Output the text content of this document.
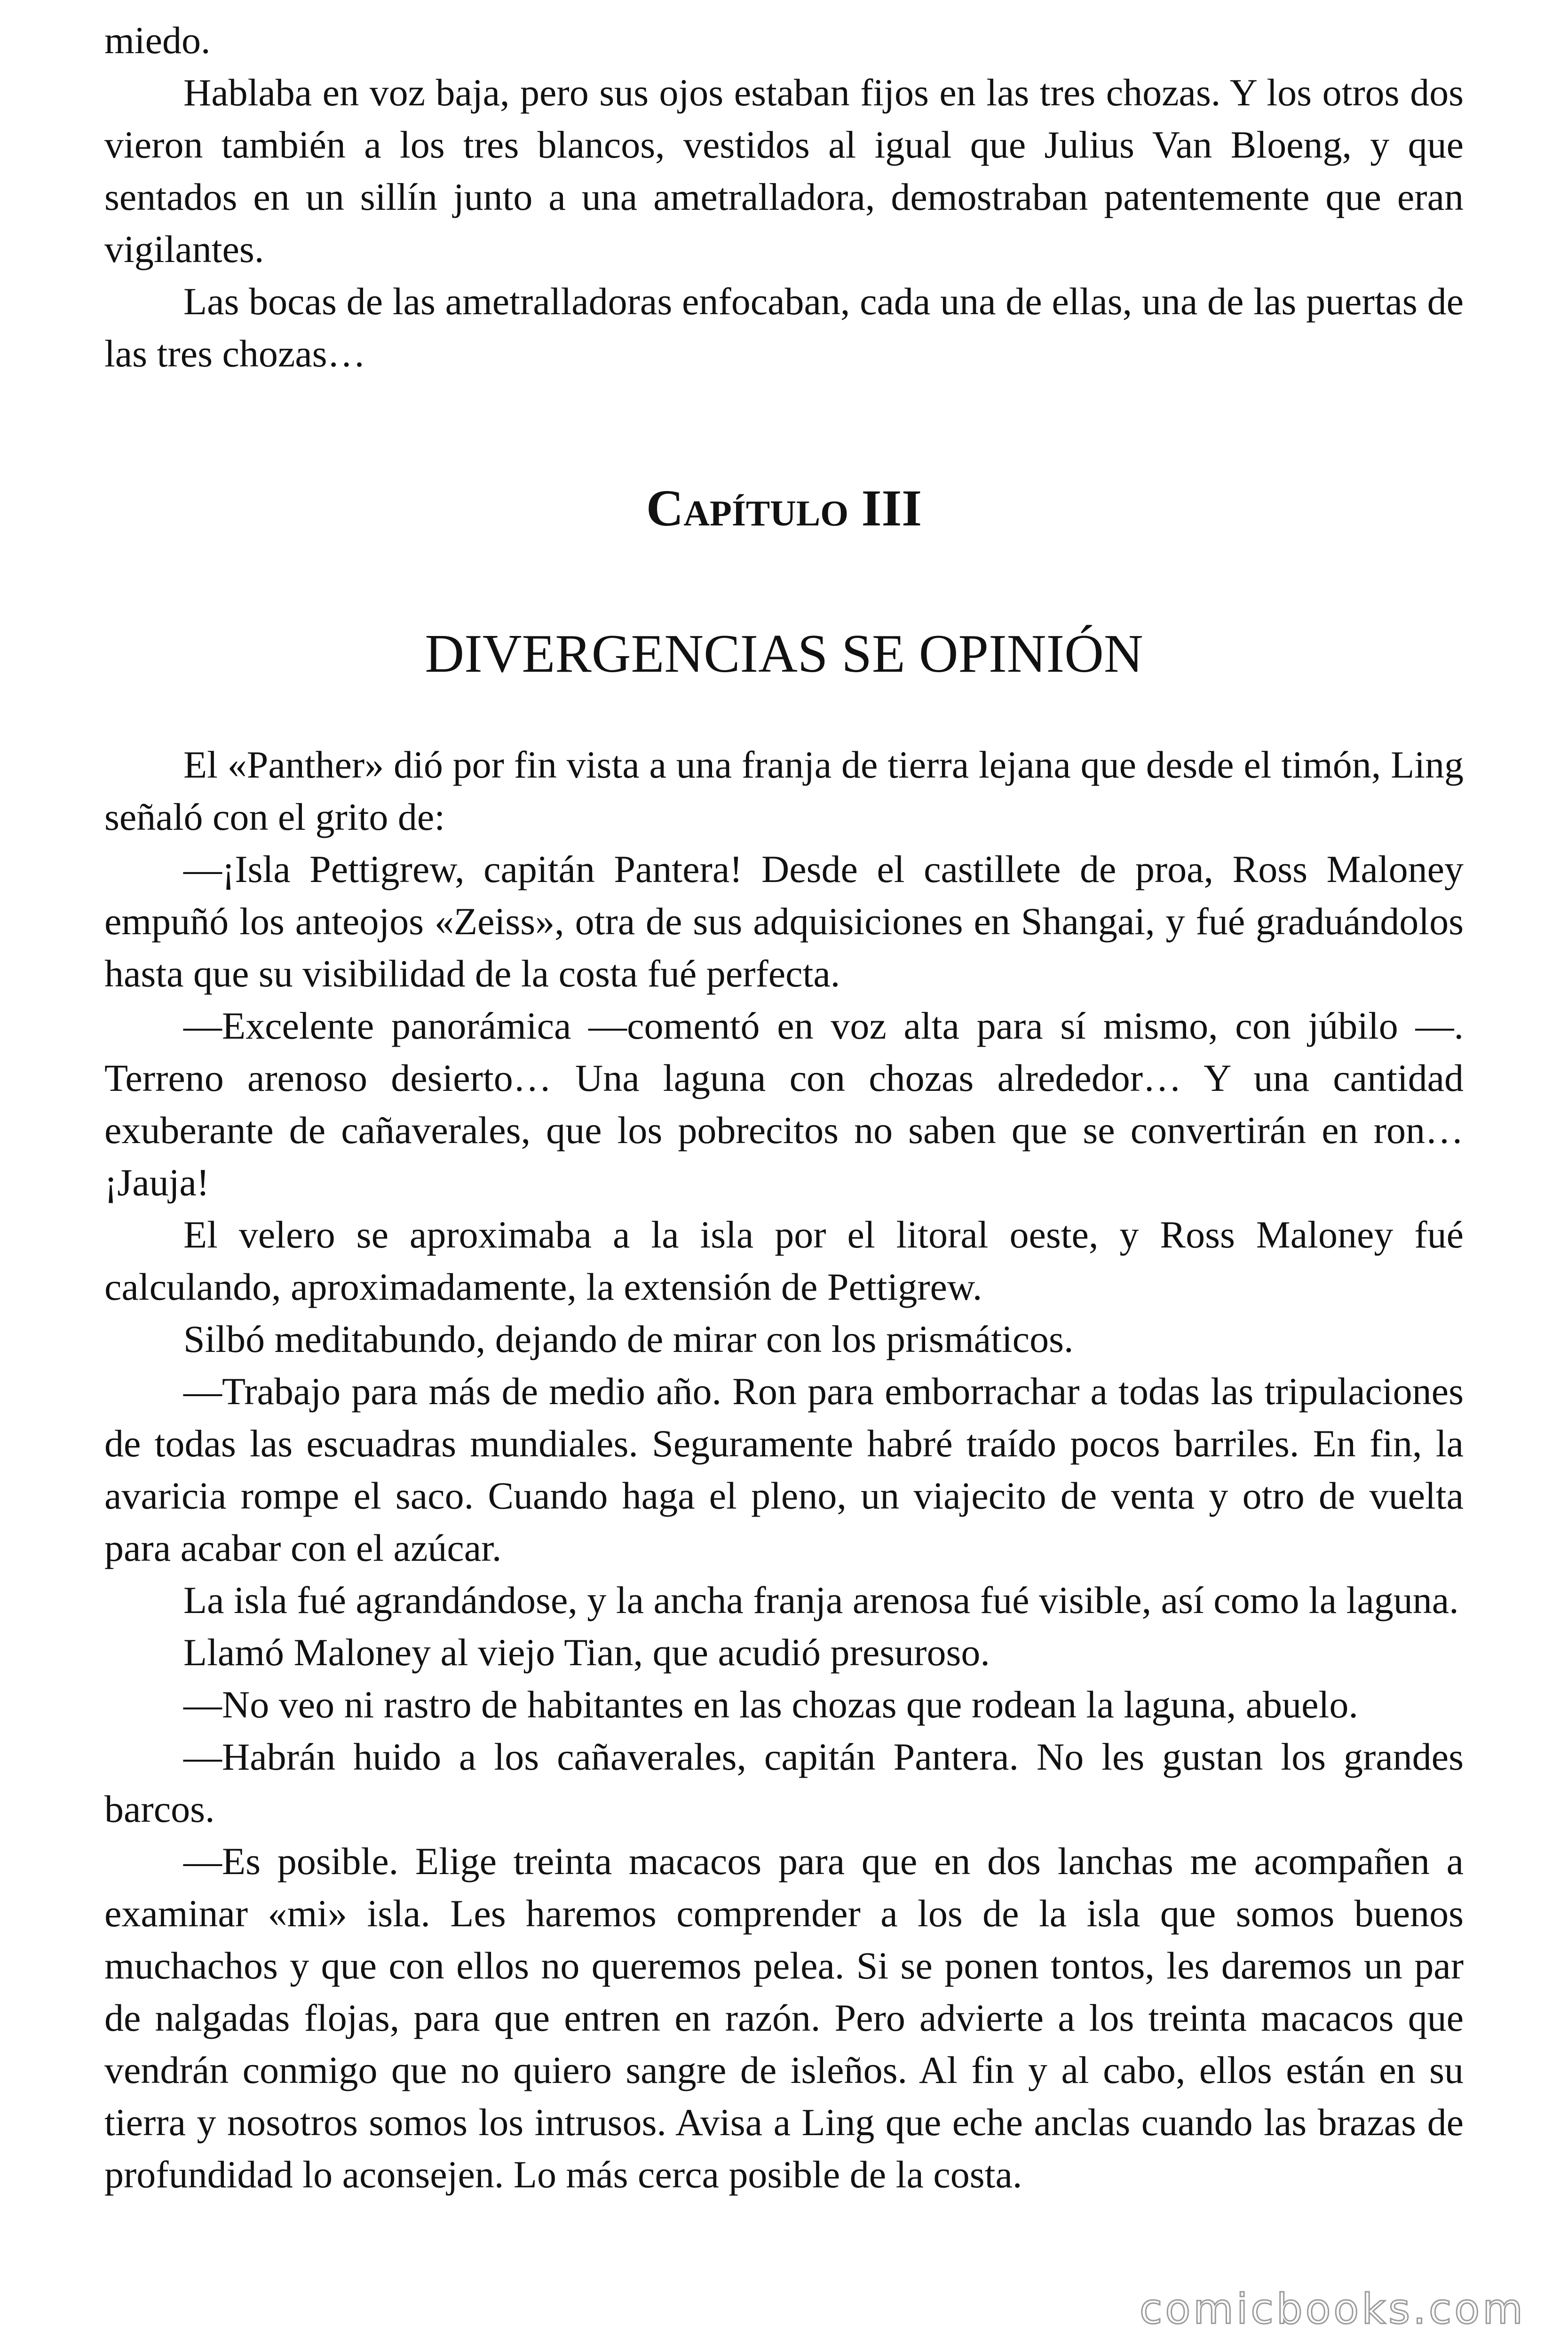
miedo.

Hablaba en voz baja, pero sus ojos estaban fijos en las tres chozas. Y los otros dos vieron también a los tres blancos, vestidos al igual que Julius Van Bloeng, y que sentados en un sillín junto a una ametralladora, demostraban patentemente que eran vigilantes.

Las bocas de las ametralladoras enfocaban, cada una de ellas, una de las puertas de las tres chozas…

Capítulo III
DIVERGENCIAS SE OPINIÓN

El «Panther» dió por fin vista a una franja de tierra lejana que desde el timón, Ling señaló con el grito de:

—¡Isla Pettigrew, capitán Pantera! Desde el castillete de proa, Ross Maloney empuñó los anteojos «Zeiss», otra de sus adquisiciones en Shangai, y fué graduándolos hasta que su visibilidad de la costa fué perfecta.

—Excelente panorámica —comentó en voz alta para sí mismo, con júbilo —. Terreno arenoso desierto… Una laguna con chozas alrededor… Y una cantidad exuberante de cañaverales, que los pobrecitos no saben que se convertirán en ron… ¡Jauja!

El velero se aproximaba a la isla por el litoral oeste, y Ross Maloney fué calculando, aproximadamente, la extensión de Pettigrew.

Silbó meditabundo, dejando de mirar con los prismáticos.

—Trabajo para más de medio año. Ron para emborrachar a todas las tripulaciones de todas las escuadras mundiales. Seguramente habré traído pocos barriles. En fin, la avaricia rompe el saco. Cuando haga el pleno, un viajecito de venta y otro de vuelta para acabar con el azúcar.

La isla fué agrandándose, y la ancha franja arenosa fué visible, así como la laguna.

Llamó Maloney al viejo Tian, que acudió presuroso.

—No veo ni rastro de habitantes en las chozas que rodean la laguna, abuelo.

—Habrán huido a los cañaverales, capitán Pantera. No les gustan los grandes barcos.

—Es posible. Elige treinta macacos para que en dos lanchas me acompañen a examinar «mi» isla. Les haremos comprender a los de la isla que somos buenos muchachos y que con ellos no queremos pelea. Si se ponen tontos, les daremos un par de nalgadas flojas, para que entren en razón. Pero advierte a los treinta macacos que vendrán conmigo que no quiero sangre de isleños. Al fin y al cabo, ellos están en su tierra y nosotros somos los intrusos. Avisa a Ling que eche anclas cuando las brazas de profundidad lo aconsejen. Lo más cerca posible de la costa.

comicbooks.com
